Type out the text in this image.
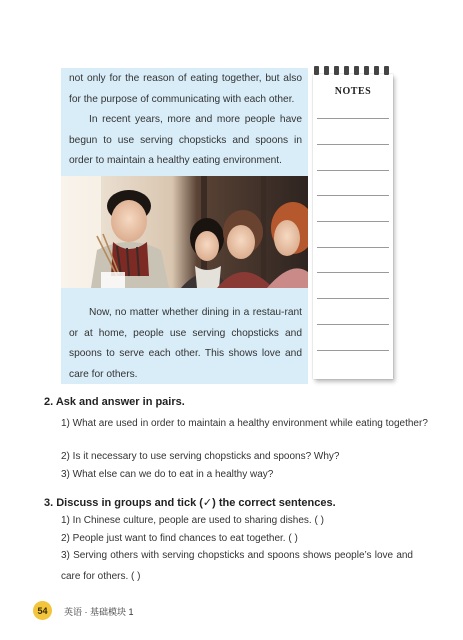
not only for the reason of eating together, but also for the purpose of communicating with each other.

In recent years, more and more people have begun to use serving chopsticks and spoons in order to maintain a healthy eating environment.

Now, no matter whether dining in a restau-rant or at home, people use serving chopsticks and spoons to serve each other. This shows love and care for others.

NOTES

2. Ask and answer in pairs.

1) What are used in order to maintain a healthy environment while eating together?
2) Is it necessary to use serving chopsticks and spoons? Why?
3) What else can we do to eat in a healthy way?

3. Discuss in groups and tick (✓) the correct sentences.

1) In Chinese culture, people are used to sharing dishes. ( )
2) People just want to find chances to eat together. ( )
3) Serving others with serving chopsticks and spoons shows people’s love and care for others. ( )
54	英语 · 基础模块 1
